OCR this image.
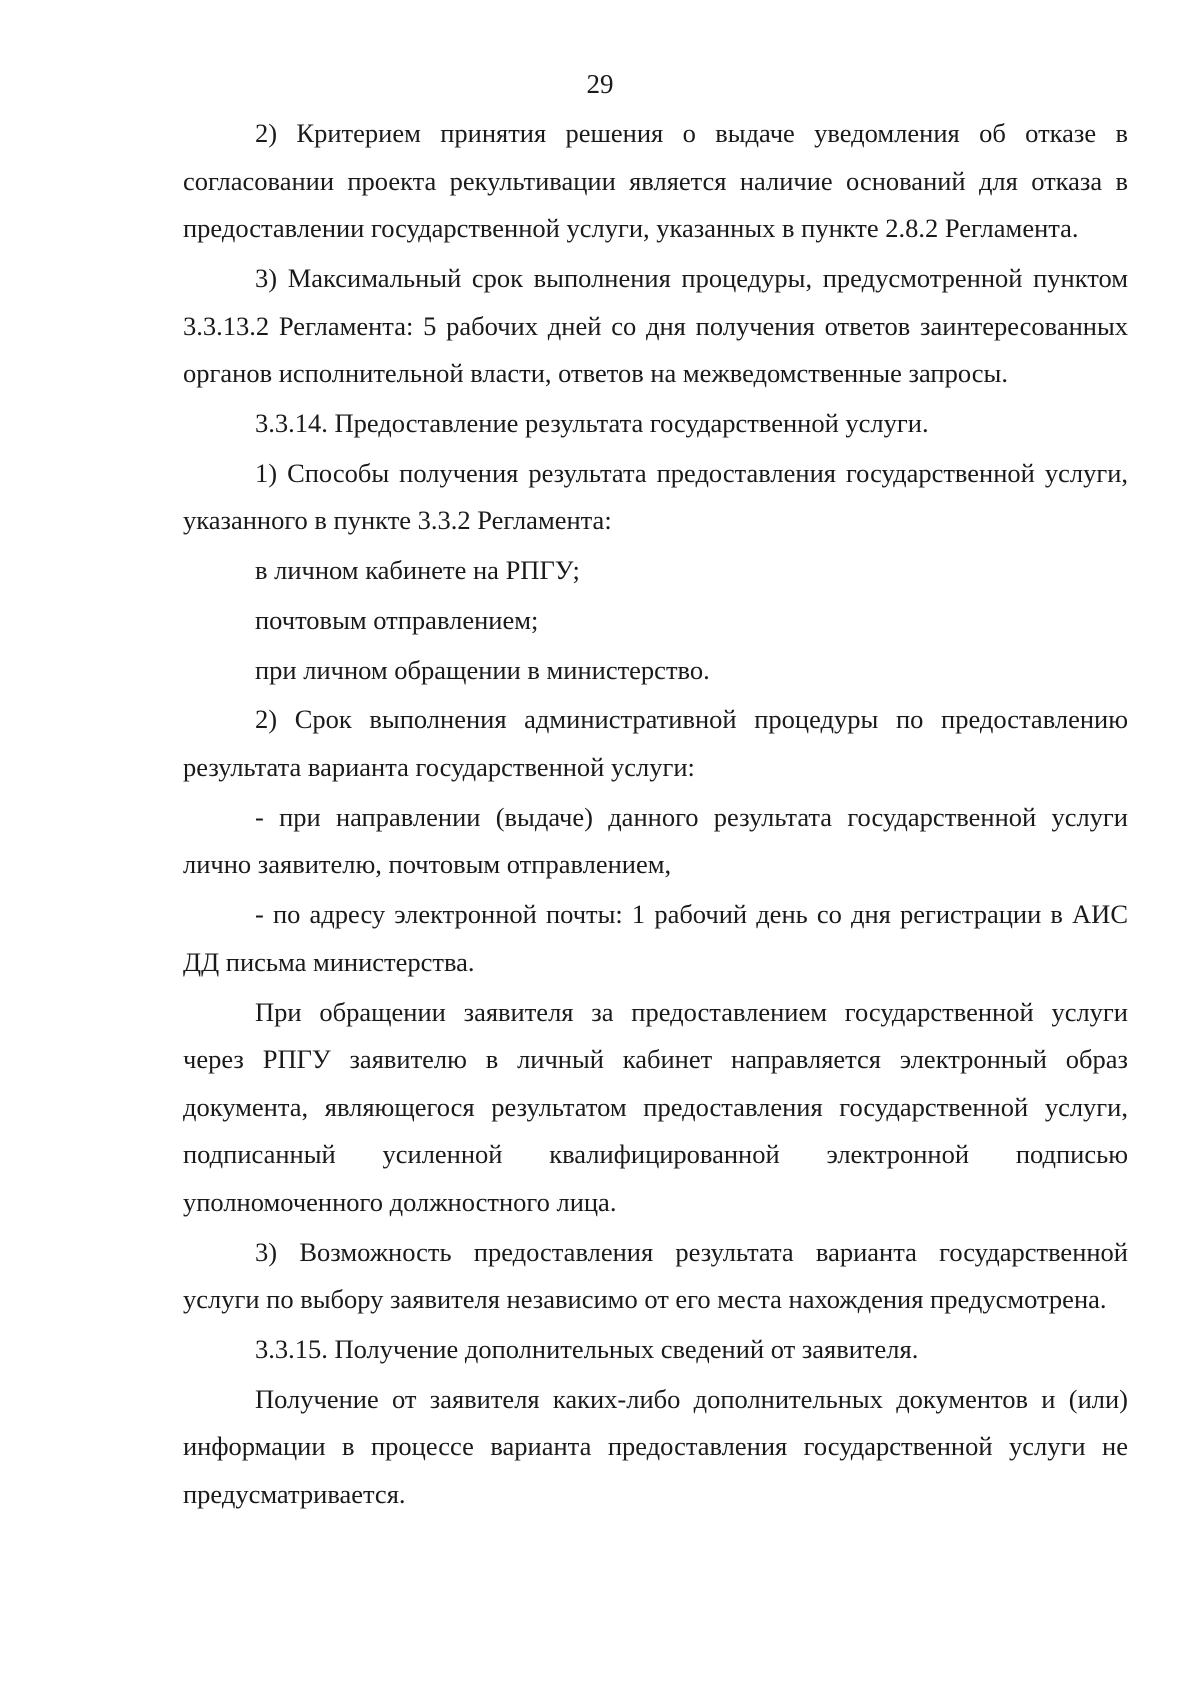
29

2) Критерием принятия решения о выдаче уведомления об отказе в согласовании проекта рекультивации является наличие оснований для отказа в предоставлении государственной услуги, указанных в пункте 2.8.2 Регламента.

3) Максимальный срок выполнения процедуры, предусмотренной пунктом 3.3.13.2 Регламента: 5 рабочих дней со дня получения ответов заинтересованных органов исполнительной власти, ответов на межведомственные запросы.

3.3.14. Предоставление результата государственной услуги.

1) Способы получения результата предоставления государственной услуги, указанного в пункте 3.3.2 Регламента:

в личном кабинете на РПГУ;

почтовым отправлением;

при личном обращении в министерство.

2) Срок выполнения административной процедуры по предоставлению результата варианта государственной услуги:

- при направлении (выдаче) данного результата государственной услуги лично заявителю, почтовым отправлением,

- по адресу электронной почты: 1 рабочий день со дня регистрации в АИС ДД письма министерства.

При обращении заявителя за предоставлением государственной услуги через РПГУ заявителю в личный кабинет направляется электронный образ документа, являющегося результатом предоставления государственной услуги, подписанный усиленной квалифицированной электронной подписью уполномоченного должностного лица.

3) Возможность предоставления результата варианта государственной услуги по выбору заявителя независимо от его места нахождения предусмотрена.

3.3.15. Получение дополнительных сведений от заявителя.

Получение от заявителя каких-либо дополнительных документов и (или) информации в процессе варианта предоставления государственной услуги не предусматривается.
